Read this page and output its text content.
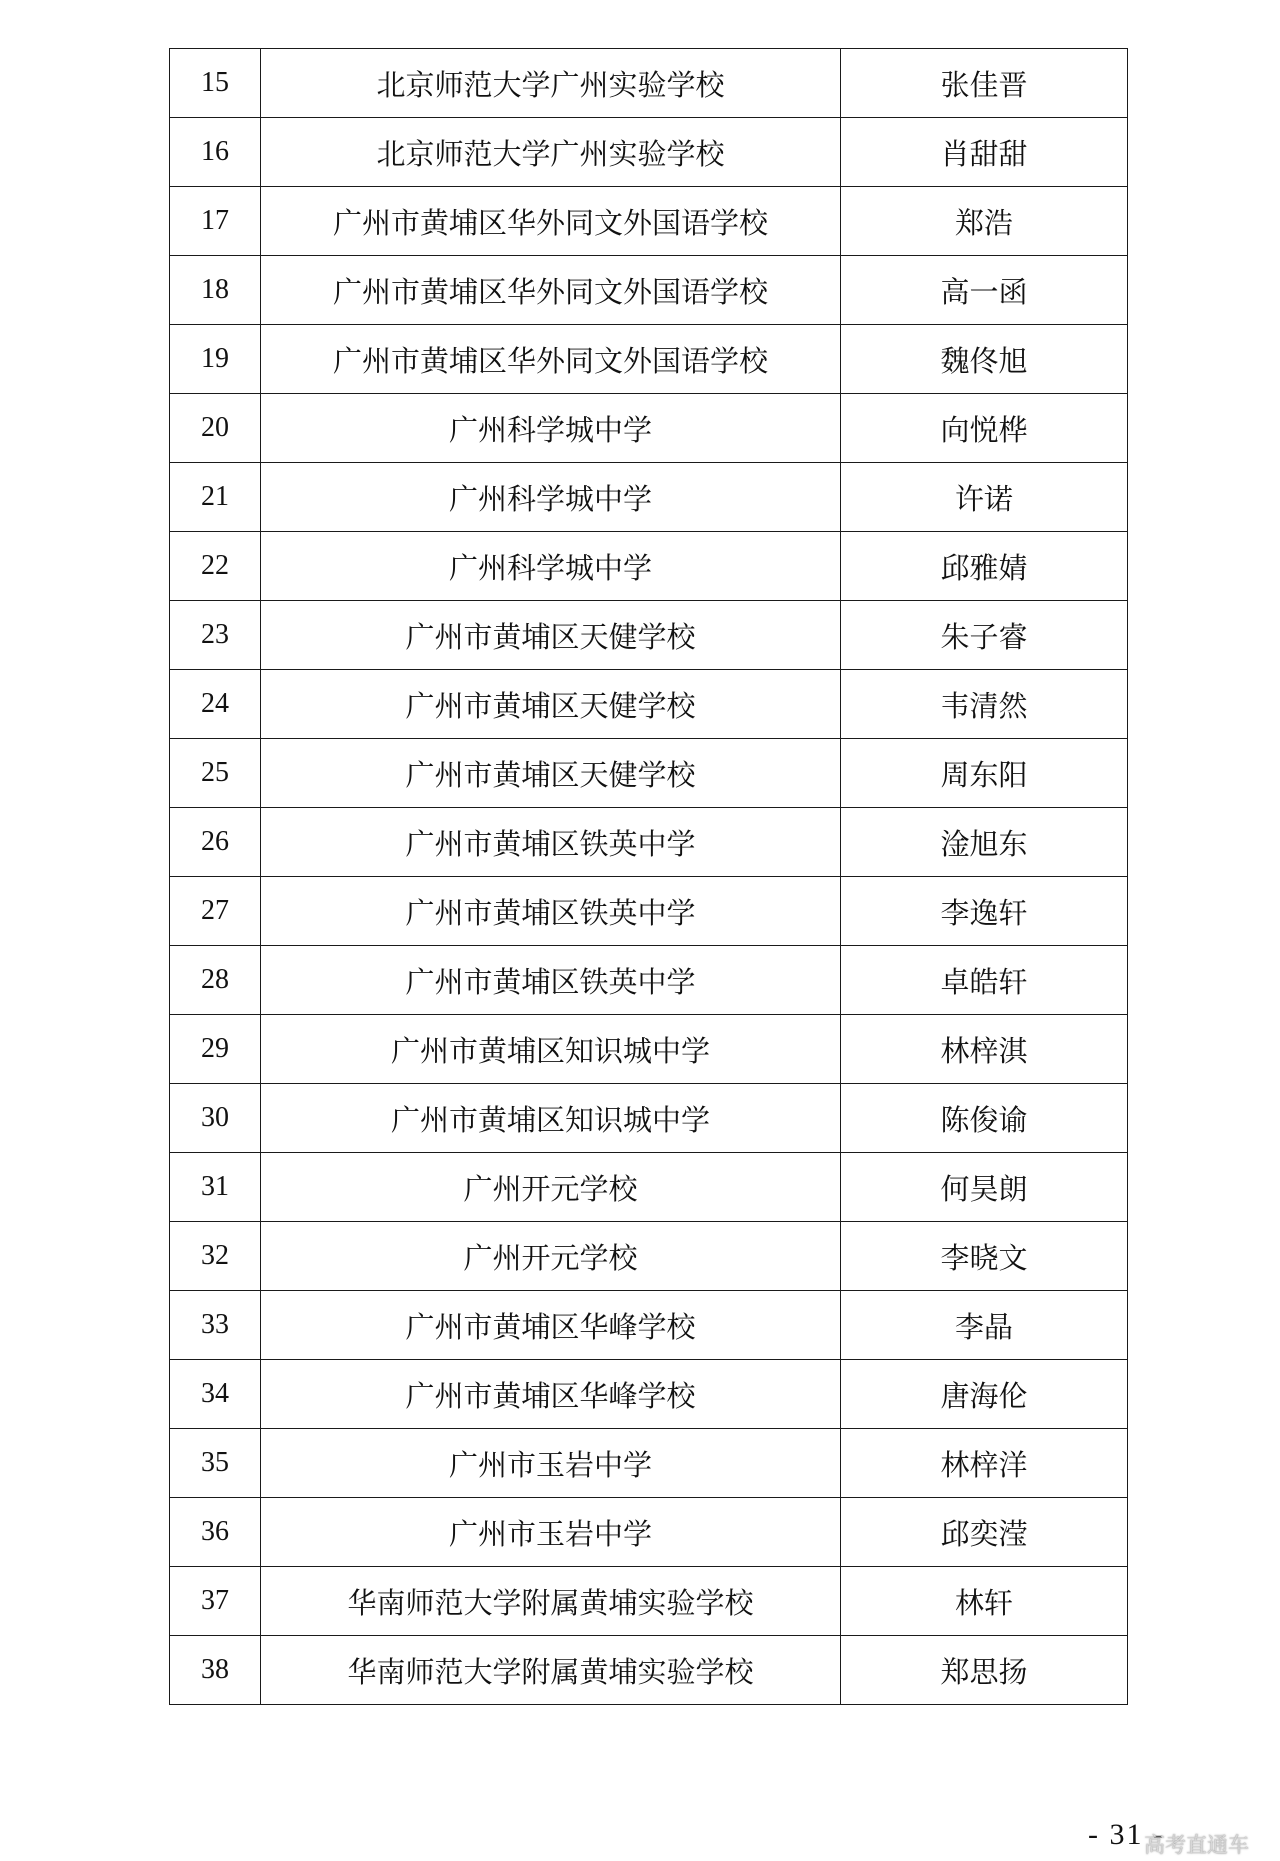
15	北京师范大学广州实验学校	张佳晋
16	北京师范大学广州实验学校	肖甜甜
17	广州市黄埔区华外同文外国语学校	郑浩
18	广州市黄埔区华外同文外国语学校	高一函
19	广州市黄埔区华外同文外国语学校	魏佟旭
20	广州科学城中学	向悦桦
21	广州科学城中学	许诺
22	广州科学城中学	邱雅婧
23	广州市黄埔区天健学校	朱子睿
24	广州市黄埔区天健学校	韦清然
25	广州市黄埔区天健学校	周东阳
26	广州市黄埔区铁英中学	淦旭东
27	广州市黄埔区铁英中学	李逸轩
28	广州市黄埔区铁英中学	卓皓轩
29	广州市黄埔区知识城中学	林梓淇
30	广州市黄埔区知识城中学	陈俊谕
31	广州开元学校	何昊朗
32	广州开元学校	李晓文
33	广州市黄埔区华峰学校	李晶
34	广州市黄埔区华峰学校	唐海伦
35	广州市玉岩中学	林梓洋
36	广州市玉岩中学	邱奕滢
37	华南师范大学附属黄埔实验学校	林轩
38	华南师范大学附属黄埔实验学校	郑思扬
- 31 -
高考直通车
